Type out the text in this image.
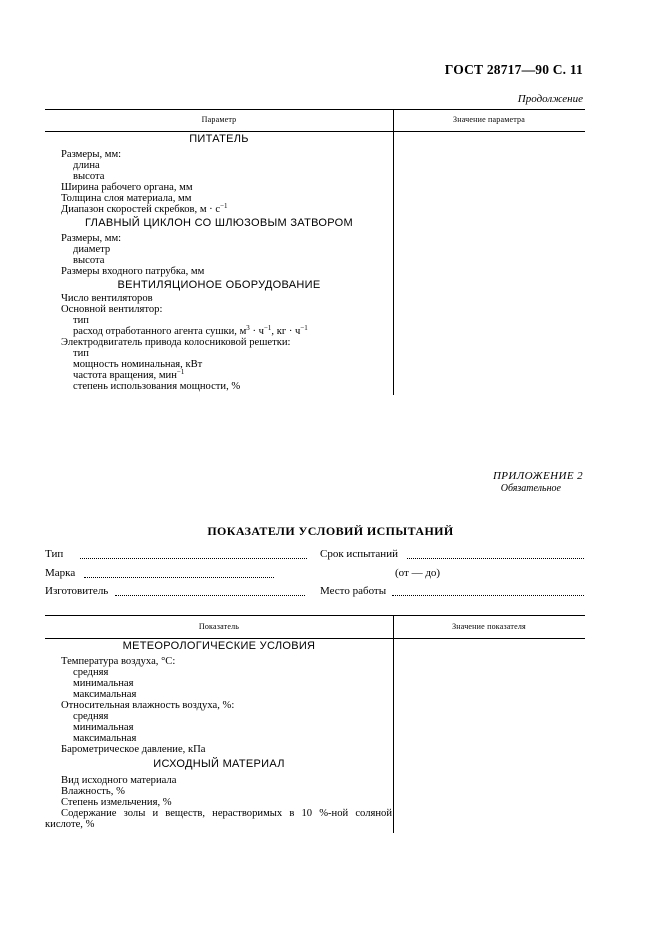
ГОСТ 28717—90 С. 11
Продолжение
Параметр	Значение параметра
ПИТАТЕЛЬ
Размеры, мм:
длина
высота
Ширина рабочего органа, мм
Толщина слоя материала, мм
Диапазон скоростей скребков, $м \cdot с^{-1}$
ГЛАВНЫЙ ЦИКЛОН СО ШЛЮЗОВЫМ ЗАТВОРОМ
Размеры, мм:
диаметр
высота
Размеры входного патрубка, мм
ВЕНТИЛЯЦИОНОЕ ОБОРУДОВАНИЕ
Число вентиляторов
Основной вентилятор:
тип
расход отработанного агента сушки, $м^3 \cdot ч^{-1}$, кг · $ч^{-1}$
Электродвигатель привода колосниковой решетки:
тип
мощность номинальная, кВт
частота вращения, мин$^{-1}$
степень использования мощности, %
ПРИЛОЖЕНИЕ 2
Обязательное
ПОКАЗАТЕЛИ УСЛОВИЙ ИСПЫТАНИЙ
Тип	Срок испытаний
Марка	(от — до)
Изготовитель	Место работы
Показатель	Значение показателя
МЕТЕОРОЛОГИЧЕСКИЕ УСЛОВИЯ
Температура воздуха, °С:
средняя
минимальная
максимальная
Относительная влажность воздуха, %:
средняя
минимальная
максимальная
Барометрическое давление, кПа
ИСХОДНЫЙ МАТЕРИАЛ
Вид исходного материала
Влажность, %
Степень измельчения, %
Содержание золы и веществ, нерастворимых в 10 %-ной соляной
кислоте, %
